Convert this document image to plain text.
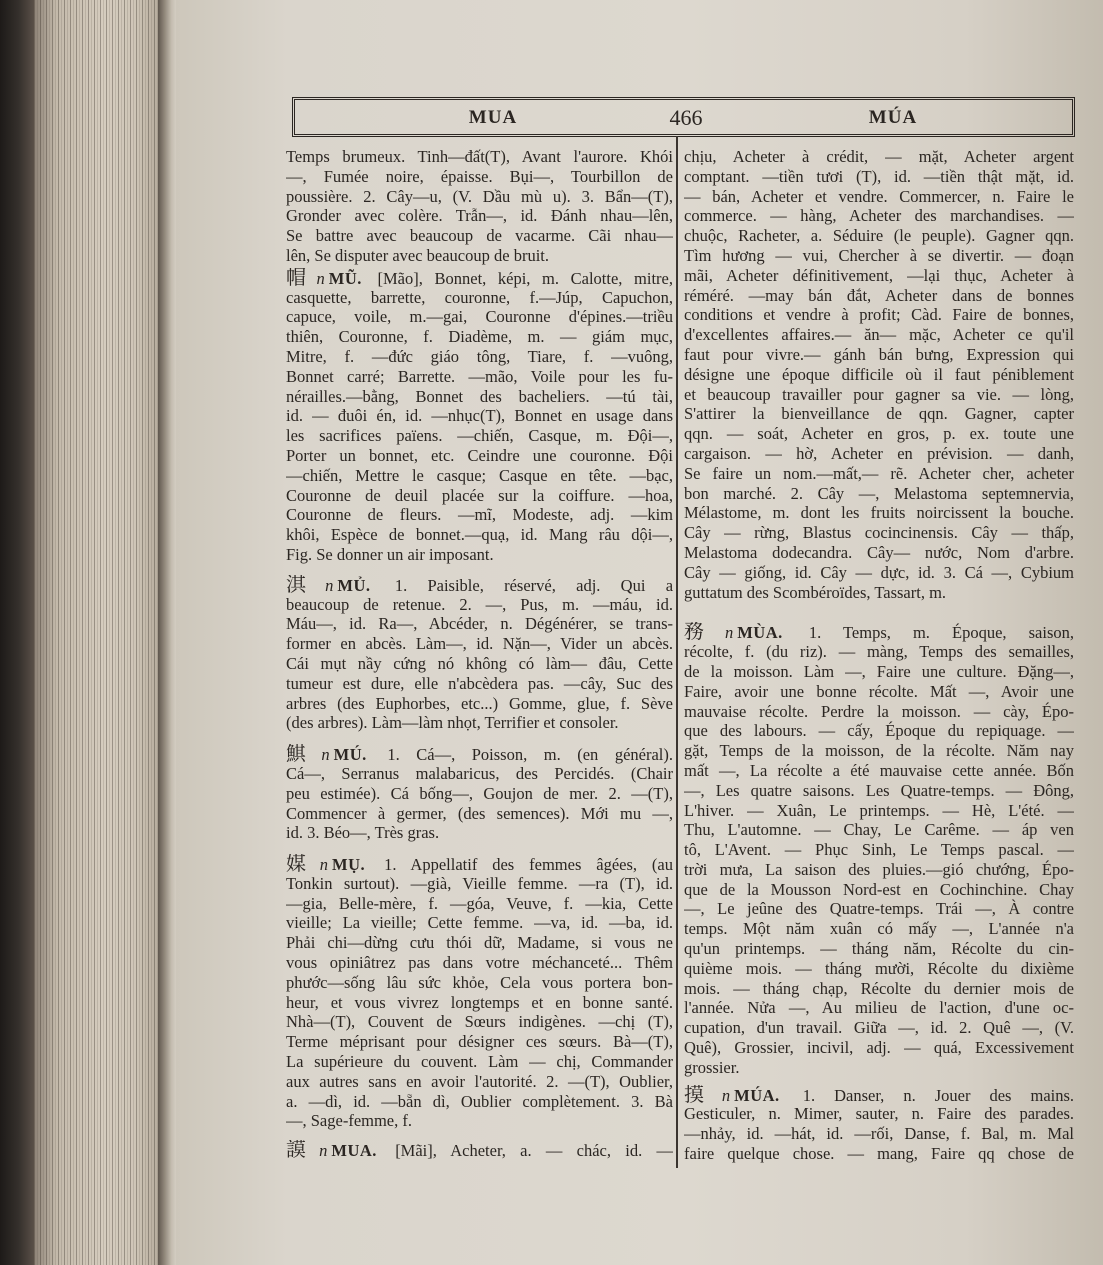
MUA	466	MÚA
Temps brumeux. Tinh—đất(T), Avant l'aurore. Khói
—, Fumée noire, épaisse. Bụi—, Tourbillon de
poussière. 2. Cây—u, (V. Dầu mù u). 3. Bẩn—(T),
Gronder avec colère. Trẫn—, id. Đánh nhau—lên,
Se battre avec beaucoup de vacarme. Cãi nhau—
lên, Se disputer avec beaucoup de bruit.
帽 n MŨ. [Mão], Bonnet, képi, m. Calotte, mitre,
casquette, barrette, couronne, f.—Júp, Capuchon,
capuce, voile, m.—gai, Couronne d'épines.—triều
thiên, Couronne, f. Diadème, m. — giám mục,
Mitre, f. —đức giáo tông, Tiare, f. —vuông,
Bonnet carré; Barrette. —mão, Voile pour les fu-
nérailles.—bằng, Bonnet des bacheliers. —tú tài,
id. — đuôi én, id. —nhục(T), Bonnet en usage dans
les sacrifices païens. —chiến, Casque, m. Đội—,
Porter un bonnet, etc. Ceindre une couronne. Đội
—chiến, Mettre le casque; Casque en tête. —bạc,
Couronne de deuil placée sur la coiffure. —hoa,
Couronne de fleurs. —mĩ, Modeste, adj. —kim
khôi, Espèce de bonnet.—quạ, id. Mang râu dội—,
Fig. Se donner un air imposant.
淇 n MỦ. 1. Paisible, réservé, adj. Qui a
beaucoup de retenue. 2. —, Pus, m. —máu, id.
Máu—, id. Ra—, Abcéder, n. Dégénérer, se trans-
former en abcès. Làm—, id. Nặn—, Vider un abcès.
Cái mụt nầy cứng nó không có làm— đâu, Cette
tumeur est dure, elle n'abcèdera pas. —cây, Suc des
arbres (des Euphorbes, etc...) Gomme, glue, f. Sève
(des arbres). Làm—làm nhọt, Terrifier et consoler.
鯕 n MÚ. 1. Cá—, Poisson, m. (en général).
Cá—, Serranus malabaricus, des Percidés. (Chair
peu estimée). Cá bống—, Goujon de mer. 2. —(T),
Commencer à germer, (des semences). Mới mu —,
id. 3. Béo—, Très gras.
媒 n MỤ. 1. Appellatif des femmes âgées, (au
Tonkin surtout). —già, Vieille femme. —ra (T), id.
—gia, Belle-mère, f. —góa, Veuve, f. —kia, Cette
vieille; La vieille; Cette femme. —va, id. —ba, id.
Phải chi—dừng cưu thói dữ, Madame, si vous ne
vous opiniâtrez pas dans votre méchanceté... Thêm
phước—sống lâu sức khỏe, Cela vous portera bon-
heur, et vous vivrez longtemps et en bonne santé.
Nhà—(T), Couvent de Sœurs indigènes. —chị (T),
Terme méprisant pour désigner ces sœurs. Bà—(T),
La supérieure du couvent. Làm — chị, Commander
aux autres sans en avoir l'autorité. 2. —(T), Oublier,
a. —dì, id. —bẵn dì, Oublier complètement. 3. Bà
—, Sage-femme, f.
謨 n MUA. [Mãi], Acheter, a. — chác, id. —
chịu, Acheter à crédit, — mặt, Acheter argent
comptant. —tiền tươi (T), id. —tiền thật mặt, id.
— bán, Acheter et vendre. Commercer, n. Faire le
commerce. — hàng, Acheter des marchandises. —
chuộc, Racheter, a. Séduire (le peuple). Gagner qqn.
Tìm hương — vui, Chercher à se divertir. — đoạn
mãi, Acheter définitivement, —lại thục, Acheter à
réméré. —may bán đắt, Acheter dans de bonnes
conditions et vendre à profit; Càd. Faire de bonnes,
d'excellentes affaires.— ăn— mặc, Acheter ce qu'il
faut pour vivre.— gánh bán bưng, Expression qui
désigne une époque difficile où il faut péniblement
et beaucoup travailler pour gagner sa vie. — lòng,
S'attirer la bienveillance de qqn. Gagner, capter
qqn. — soát, Acheter en gros, p. ex. toute une
cargaison. — hờ, Acheter en prévision. — danh,
Se faire un nom.—mất,— rẽ. Acheter cher, acheter
bon marché. 2. Cây —, Melastoma septemnervia,
Mélastome, m. dont les fruits noircissent la bouche.
Cây — rừng, Blastus cocincinensis. Cây — thấp,
Melastoma dodecandra. Cây— nước, Nom d'arbre.
Cây — giống, id. Cây — dực, id. 3. Cá —, Cybium
guttatum des Scombéroïdes, Tassart, m.
務 n MÙA. 1. Temps, m. Époque, saison,
récolte, f. (du riz). — màng, Temps des semailles,
de la moisson. Làm —, Faire une culture. Đặng—,
Faire, avoir une bonne récolte. Mất —, Avoir une
mauvaise récolte. Perdre la moisson. — cày, Épo-
que des labours. — cấy, Époque du repiquage. —
gặt, Temps de la moisson, de la récolte. Năm nay
mất —, La récolte a été mauvaise cette année. Bốn
—, Les quatre saisons. Les Quatre-temps. — Đông,
L'hiver. — Xuân, Le printemps. — Hè, L'été. —
Thu, L'automne. — Chay, Le Carême. — áp ven
tô, L'Avent. — Phục Sinh, Le Temps pascal. —
trời mưa, La saison des pluies.—gió chướng, Épo-
que de la Mousson Nord-est en Cochinchine. Chay
—, Le jeûne des Quatre-temps. Trái —, À contre
temps. Một năm xuân có mấy —, L'année n'a
qu'un printemps. — tháng năm, Récolte du cin-
quième mois. — tháng mười, Récolte du dixième
mois. — tháng chạp, Récolte du dernier mois de
l'année. Nửa —, Au milieu de l'action, d'une oc-
cupation, d'un travail. Giữa —, id. 2. Quê —, (V.
Quê), Grossier, incivil, adj. — quá, Excessivement
grossier.
摸 n MÚA. 1. Danser, n. Jouer des mains.
Gesticuler, n. Mimer, sauter, n. Faire des parades.
—nhảy, id. —hát, id. —rối, Danse, f. Bal, m. Mal
faire quelque chose. — mang, Faire qq chose de
